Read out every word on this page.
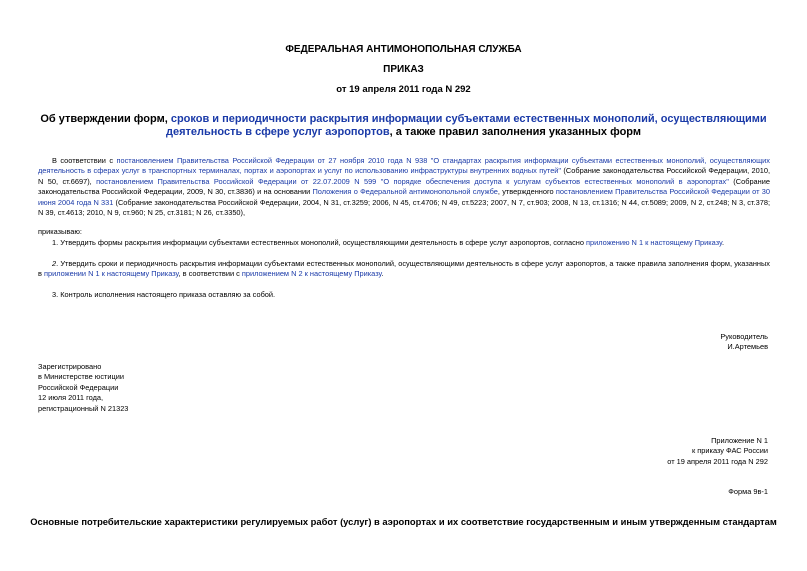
ФЕДЕРАЛЬНАЯ АНТИМОНОПОЛЬНАЯ СЛУЖБА
ПРИКАЗ
от 19 апреля 2011 года N 292
Об утверждении форм, сроков и периодичности раскрытия информации субъектами естественных монополий, осуществляющими деятельность в сфере услуг аэропортов, а также правил заполнения указанных форм
В соответствии с постановлением Правительства Российской Федерации от 27 ноября 2010 года N 938 "О стандартах раскрытия информации субъектами естественных монополий, осуществляющих деятельность в сферах услуг в транспортных терминалах, портах и аэропортах и услуг по использованию инфраструктуры внутренних водных путей" (Собрание законодательства Российской Федерации, 2010, N 50, ст.6697), постановлением Правительства Российской Федерации от 22.07.2009 N 599 "О порядке обеспечения доступа к услугам субъектов естественных монополий в аэропортах" (Собрание законодательства Российской Федерации, 2009, N 30, ст.3836) и на основании Положения о Федеральной антимонопольной службе, утвержденного постановлением Правительства Российской Федерации от 30 июня 2004 года N 331 (Собрание законодательства Российской Федерации, 2004, N 31, ст.3259; 2006, N 45, ст.4706; N 49, ст.5223; 2007, N 7, ст.903; 2008, N 13, ст.1316; N 44, ст.5089; 2009, N 2, ст.248; N 3, ст.378; N 39, ст.4613; 2010, N 9, ст.960; N 25, ст.3181; N 26, ст.3350),
приказываю:
1. Утвердить формы раскрытия информации субъектами естественных монополий, осуществляющими деятельность в сфере услуг аэропортов, согласно приложению N 1 к настоящему Приказу.
2. Утвердить сроки и периодичность раскрытия информации субъектами естественных монополий, осуществляющими деятельность в сфере услуг аэропортов, а также правила заполнения форм, указанных в приложении N 1 к настоящему Приказу, в соответствии с приложением N 2 к настоящему Приказу.
3. Контроль исполнения настоящего приказа оставляю за собой.
Руководитель
И.Артемьев
Зарегистрировано
в Министерстве юстиции
Российской Федерации
12 июля 2011 года,
регистрационный N 21323
Приложение N 1
к приказу ФАС России
от 19 апреля 2011 года N 292
Форма 9в-1
Основные потребительские характеристики регулируемых работ (услуг) в аэропортах и их соответствие государственным и иным утвержденным стандартам
